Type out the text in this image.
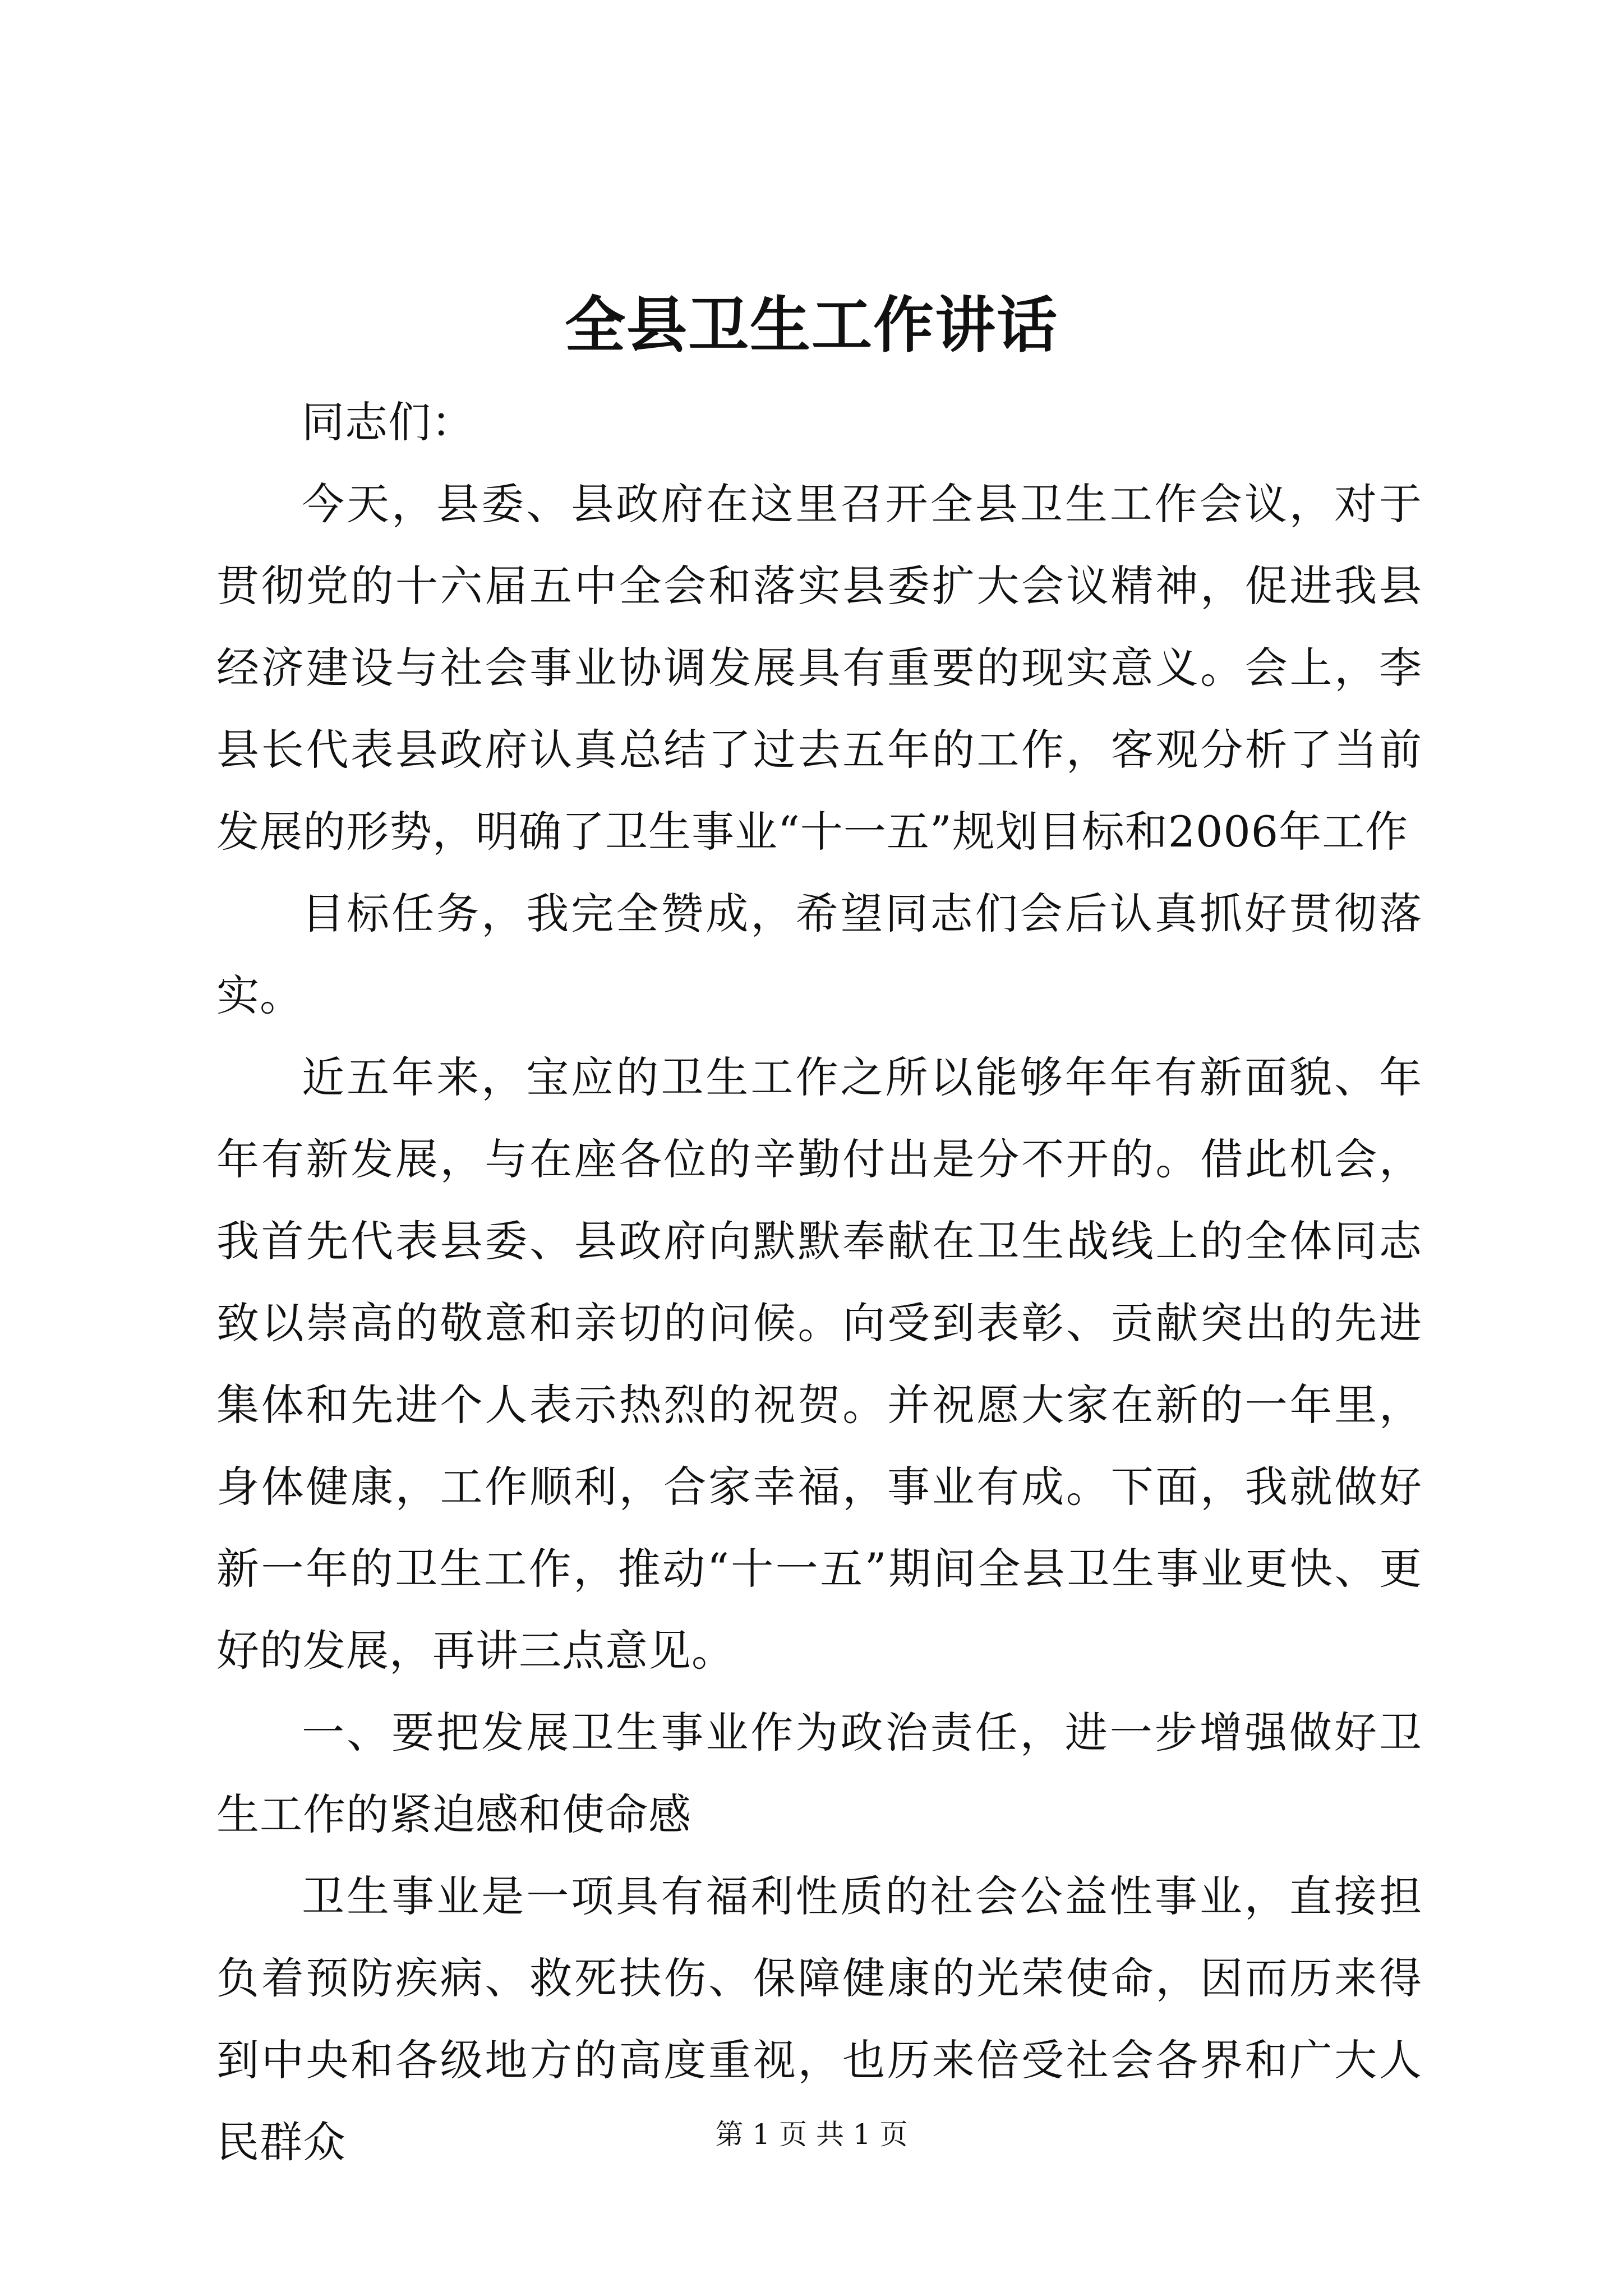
全县卫生工作讲话

同志们：

今天，县委、县政府在这里召开全县卫生工作会议，对于贯彻党的十六届五中全会和落实县委扩大会议精神，促进我县经济建设与社会事业协调发展具有重要的现实意义。会上，李县长代表县政府认真总结了过去五年的工作，客观分析了当前发展的形势，明确了卫生事业“十一五”规划目标和2006年工作

目标任务，我完全赞成，希望同志们会后认真抓好贯彻落实。

近五年来，宝应的卫生工作之所以能够年年有新面貌、年年有新发展，与在座各位的辛勤付出是分不开的。借此机会，我首先代表县委、县政府向默默奉献在卫生战线上的全体同志致以崇高的敬意和亲切的问候。向受到表彰、贡献突出的先进集体和先进个人表示热烈的祝贺。并祝愿大家在新的一年里，身体健康，工作顺利，合家幸福，事业有成。下面，我就做好新一年的卫生工作，推动“十一五”期间全县卫生事业更快、更好的发展，再讲三点意见。

一、要把发展卫生事业作为政治责任，进一步增强做好卫生工作的紧迫感和使命感

卫生事业是一项具有福利性质的社会公益性事业，直接担负着预防疾病、救死扶伤、保障健康的光荣使命，因而历来得到中央和各级地方的高度重视，也历来倍受社会各界和广大人民群众	第 1 页 共 1 页
